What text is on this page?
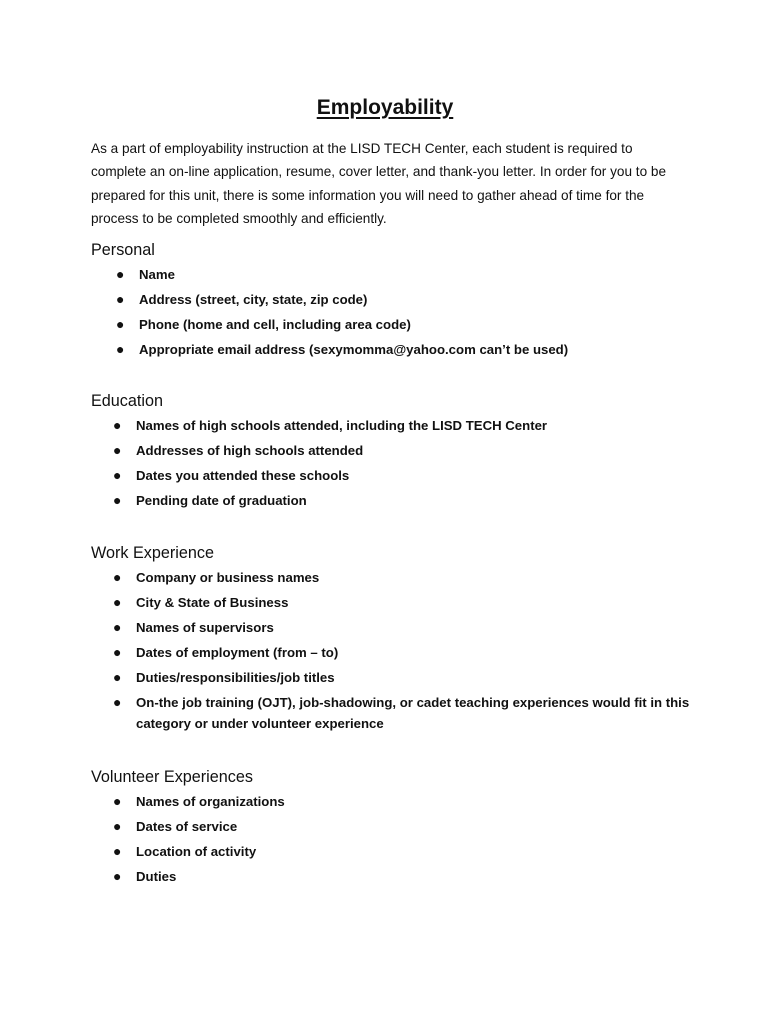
Employability

As a part of employability instruction at the LISD TECH Center, each student is required to complete an on-line application, resume, cover letter, and thank-you letter. In order for you to be prepared for this unit, there is some information you will need to gather ahead of time for the process to be completed smoothly and efficiently.

Personal
● Name
● Address (street, city, state, zip code)
● Phone (home and cell, including area code)
● Appropriate email address (sexymomma@yahoo.com can’t be used)
Education
● Names of high schools attended, including the LISD TECH Center
● Addresses of high schools attended
● Dates you attended these schools
● Pending date of graduation
Work Experience
● Company or business names
● City & State of Business
● Names of supervisors
● Dates of employment (from – to)
● Duties/responsibilities/job titles
● On-the job training (OJT), job-shadowing, or cadet teaching experiences would fit in this category or under volunteer experience
Volunteer Experiences
● Names of organizations
● Dates of service
● Location of activity
● Duties
